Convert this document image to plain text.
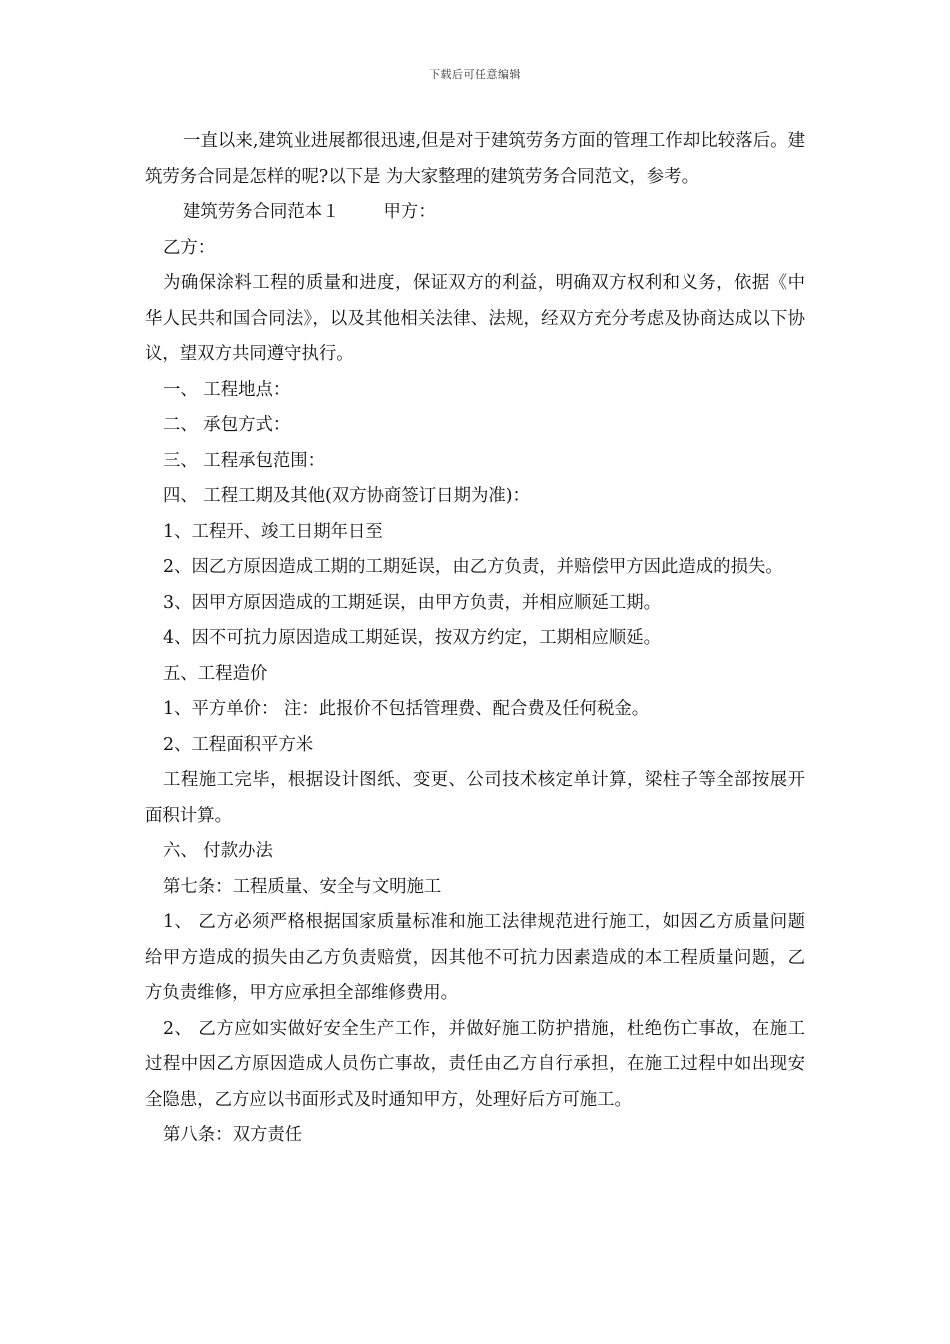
下载后可任意编辑

一直以来,建筑业进展都很迅速,但是对于建筑劳务方面的管理工作却比较落后。建筑劳务合同是怎样的呢?以下是 为大家整理的建筑劳务合同范文，参考。

建筑劳务合同范本１	甲方：

乙方：

为确保涂料工程的质量和进度，保证双方的利益，明确双方权利和义务，依据《中华人民共和国合同法》，以及其他相关法律、法规，经双方充分考虑及协商达成以下协议，望双方共同遵守执行。

一、 工程地点：

二、 承包方式：

三、 工程承包范围：

四、 工程工期及其他(双方协商签订日期为准)：

1、工程开、竣工日期年日至

2、因乙方原因造成工期的工期延误，由乙方负责，并赔偿甲方因此造成的损失。

3、因甲方原因造成的工期延误，由甲方负责，并相应顺延工期。

4、因不可抗力原因造成工期延误，按双方约定，工期相应顺延。

五、工程造价

1、平方单价： 注：此报价不包括管理费、配合费及任何税金。

2、工程面积平方米

工程施工完毕，根据设计图纸、变更、公司技术核定单计算，梁柱子等全部按展开面积计算。

六、 付款办法

第七条：工程质量、安全与文明施工

1、 乙方必须严格根据国家质量标准和施工法律规范进行施工，如因乙方质量问题给甲方造成的损失由乙方负责赔赏，因其他不可抗力因素造成的本工程质量问题，乙方负责维修，甲方应承担全部维修费用。

2、 乙方应如实做好安全生产工作，并做好施工防护措施，杜绝伤亡事故，在施工过程中因乙方原因造成人员伤亡事故，责任由乙方自行承担，在施工过程中如出现安全隐患，乙方应以书面形式及时通知甲方，处理好后方可施工。

第八条：双方责任
